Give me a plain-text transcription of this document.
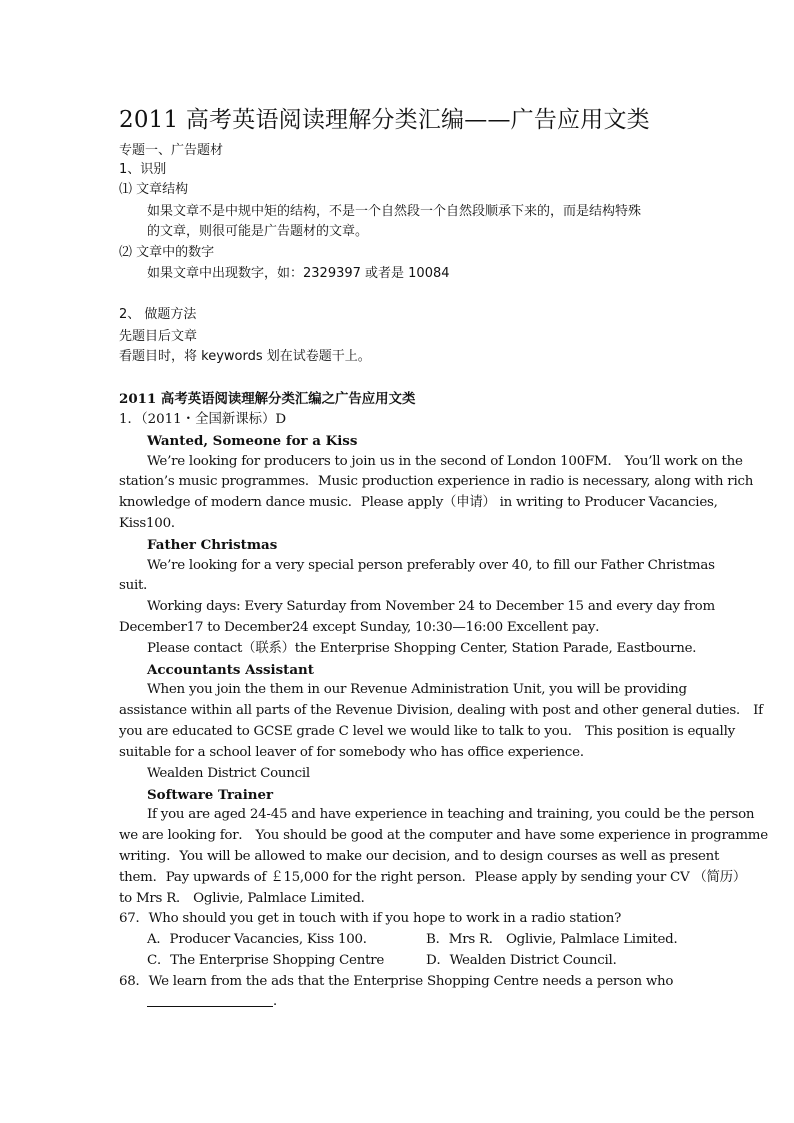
2011 高考英语阅读理解分类汇编——广告应用文类
专题一、广告题材
1、识别
⑴ 文章结构
如果文章不是中规中矩的结构，不是一个自然段一个自然段顺承下来的，而是结构特殊
的文章，则很可能是广告题材的文章。
⑵ 文章中的数字
如果文章中出现数字，如：2329397 或者是 10084
2、 做题方法
先题目后文章
看题目时，将 keywords 划在试卷题干上。
2011 高考英语阅读理解分类汇编之广告应用文类
1．（2011・全国新课标）D
Wanted, Someone for a Kiss
We’re looking for producers to join us in the second of London 100FM． You’ll work on the
station’s music programmes．Music production experience in radio is necessary, along with rich
knowledge of modern dance music．Please apply（申请） in writing to Producer Vacancies,
Kiss100．
Father Christmas
We’re looking for a very special person preferably over 40, to fill our Father Christmas
suit．
Working days: Every Saturday from November 24 to December 15 and every day from
December17 to December24 except Sunday, 10:30—16:00 Excellent pay．
Please contact（联系）the Enterprise Shopping Center, Station Parade, Eastbourne．
Accountants Assistant
When you join the them in our Revenue Administration Unit, you will be providing
assistance within all parts of the Revenue Division, dealing with post and other general duties． If
you are educated to GCSE grade C level we would like to talk to you． This position is equally
suitable for a school leaver of for somebody who has office experience．
Wealden District Council
Software Trainer
If you are aged 24-45 and have experience in teaching and training, you could be the person
we are looking for． You should be good at the computer and have some experience in programme
writing．You will be allowed to make our decision, and to design courses as well as present
them．Pay upwards of ￡15,000 for the right person．Please apply by sending your CV （简历）
to Mrs R． Oglivie, Palmlace Limited．
67．Who should you get in touch with if you hope to work in a radio station?
A．Producer Vacancies, Kiss 100．	B．Mrs R． Oglivie, Palmlace Limited．
C．The Enterprise Shopping Centre	D．Wealden District Council．
68．We learn from the ads that the Enterprise Shopping Centre needs a person who
．
